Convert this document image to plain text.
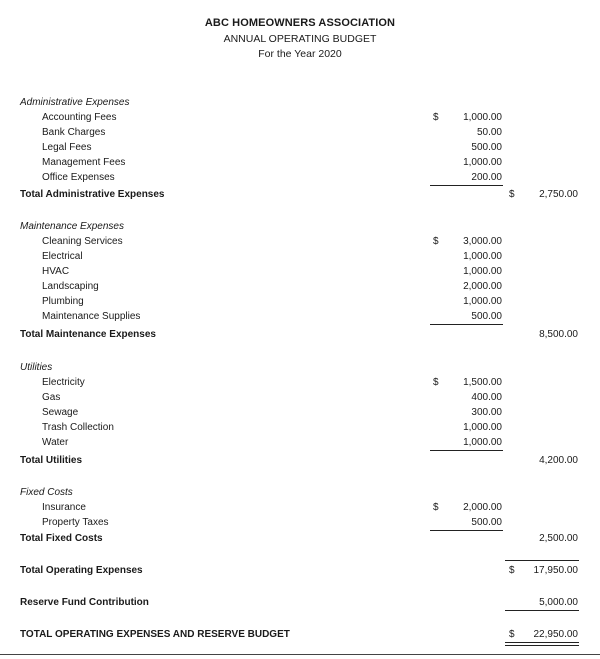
ABC HOMEOWNERS ASSOCIATION
ANNUAL OPERATING BUDGET
For the Year 2020
Administrative Expenses
Accounting Fees	$	1,000.00
Bank Charges	50.00
Legal Fees	500.00
Management Fees	1,000.00
Office Expenses	200.00
Total Administrative Expenses	$	2,750.00
Maintenance Expenses
Cleaning Services	$	3,000.00
Electrical	1,000.00
HVAC	1,000.00
Landscaping	2,000.00
Plumbing	1,000.00
Maintenance Supplies	500.00
Total Maintenance Expenses	8,500.00
Utilities
Electricity	$	1,500.00
Gas	400.00
Sewage	300.00
Trash Collection	1,000.00
Water	1,000.00
Total Utilities	4,200.00
Fixed Costs
Insurance	$	2,000.00
Property Taxes	500.00
Total Fixed Costs	2,500.00
Total Operating Expenses	$	17,950.00
Reserve Fund Contribution	5,000.00
TOTAL OPERATING EXPENSES AND RESERVE BUDGET	$	22,950.00
